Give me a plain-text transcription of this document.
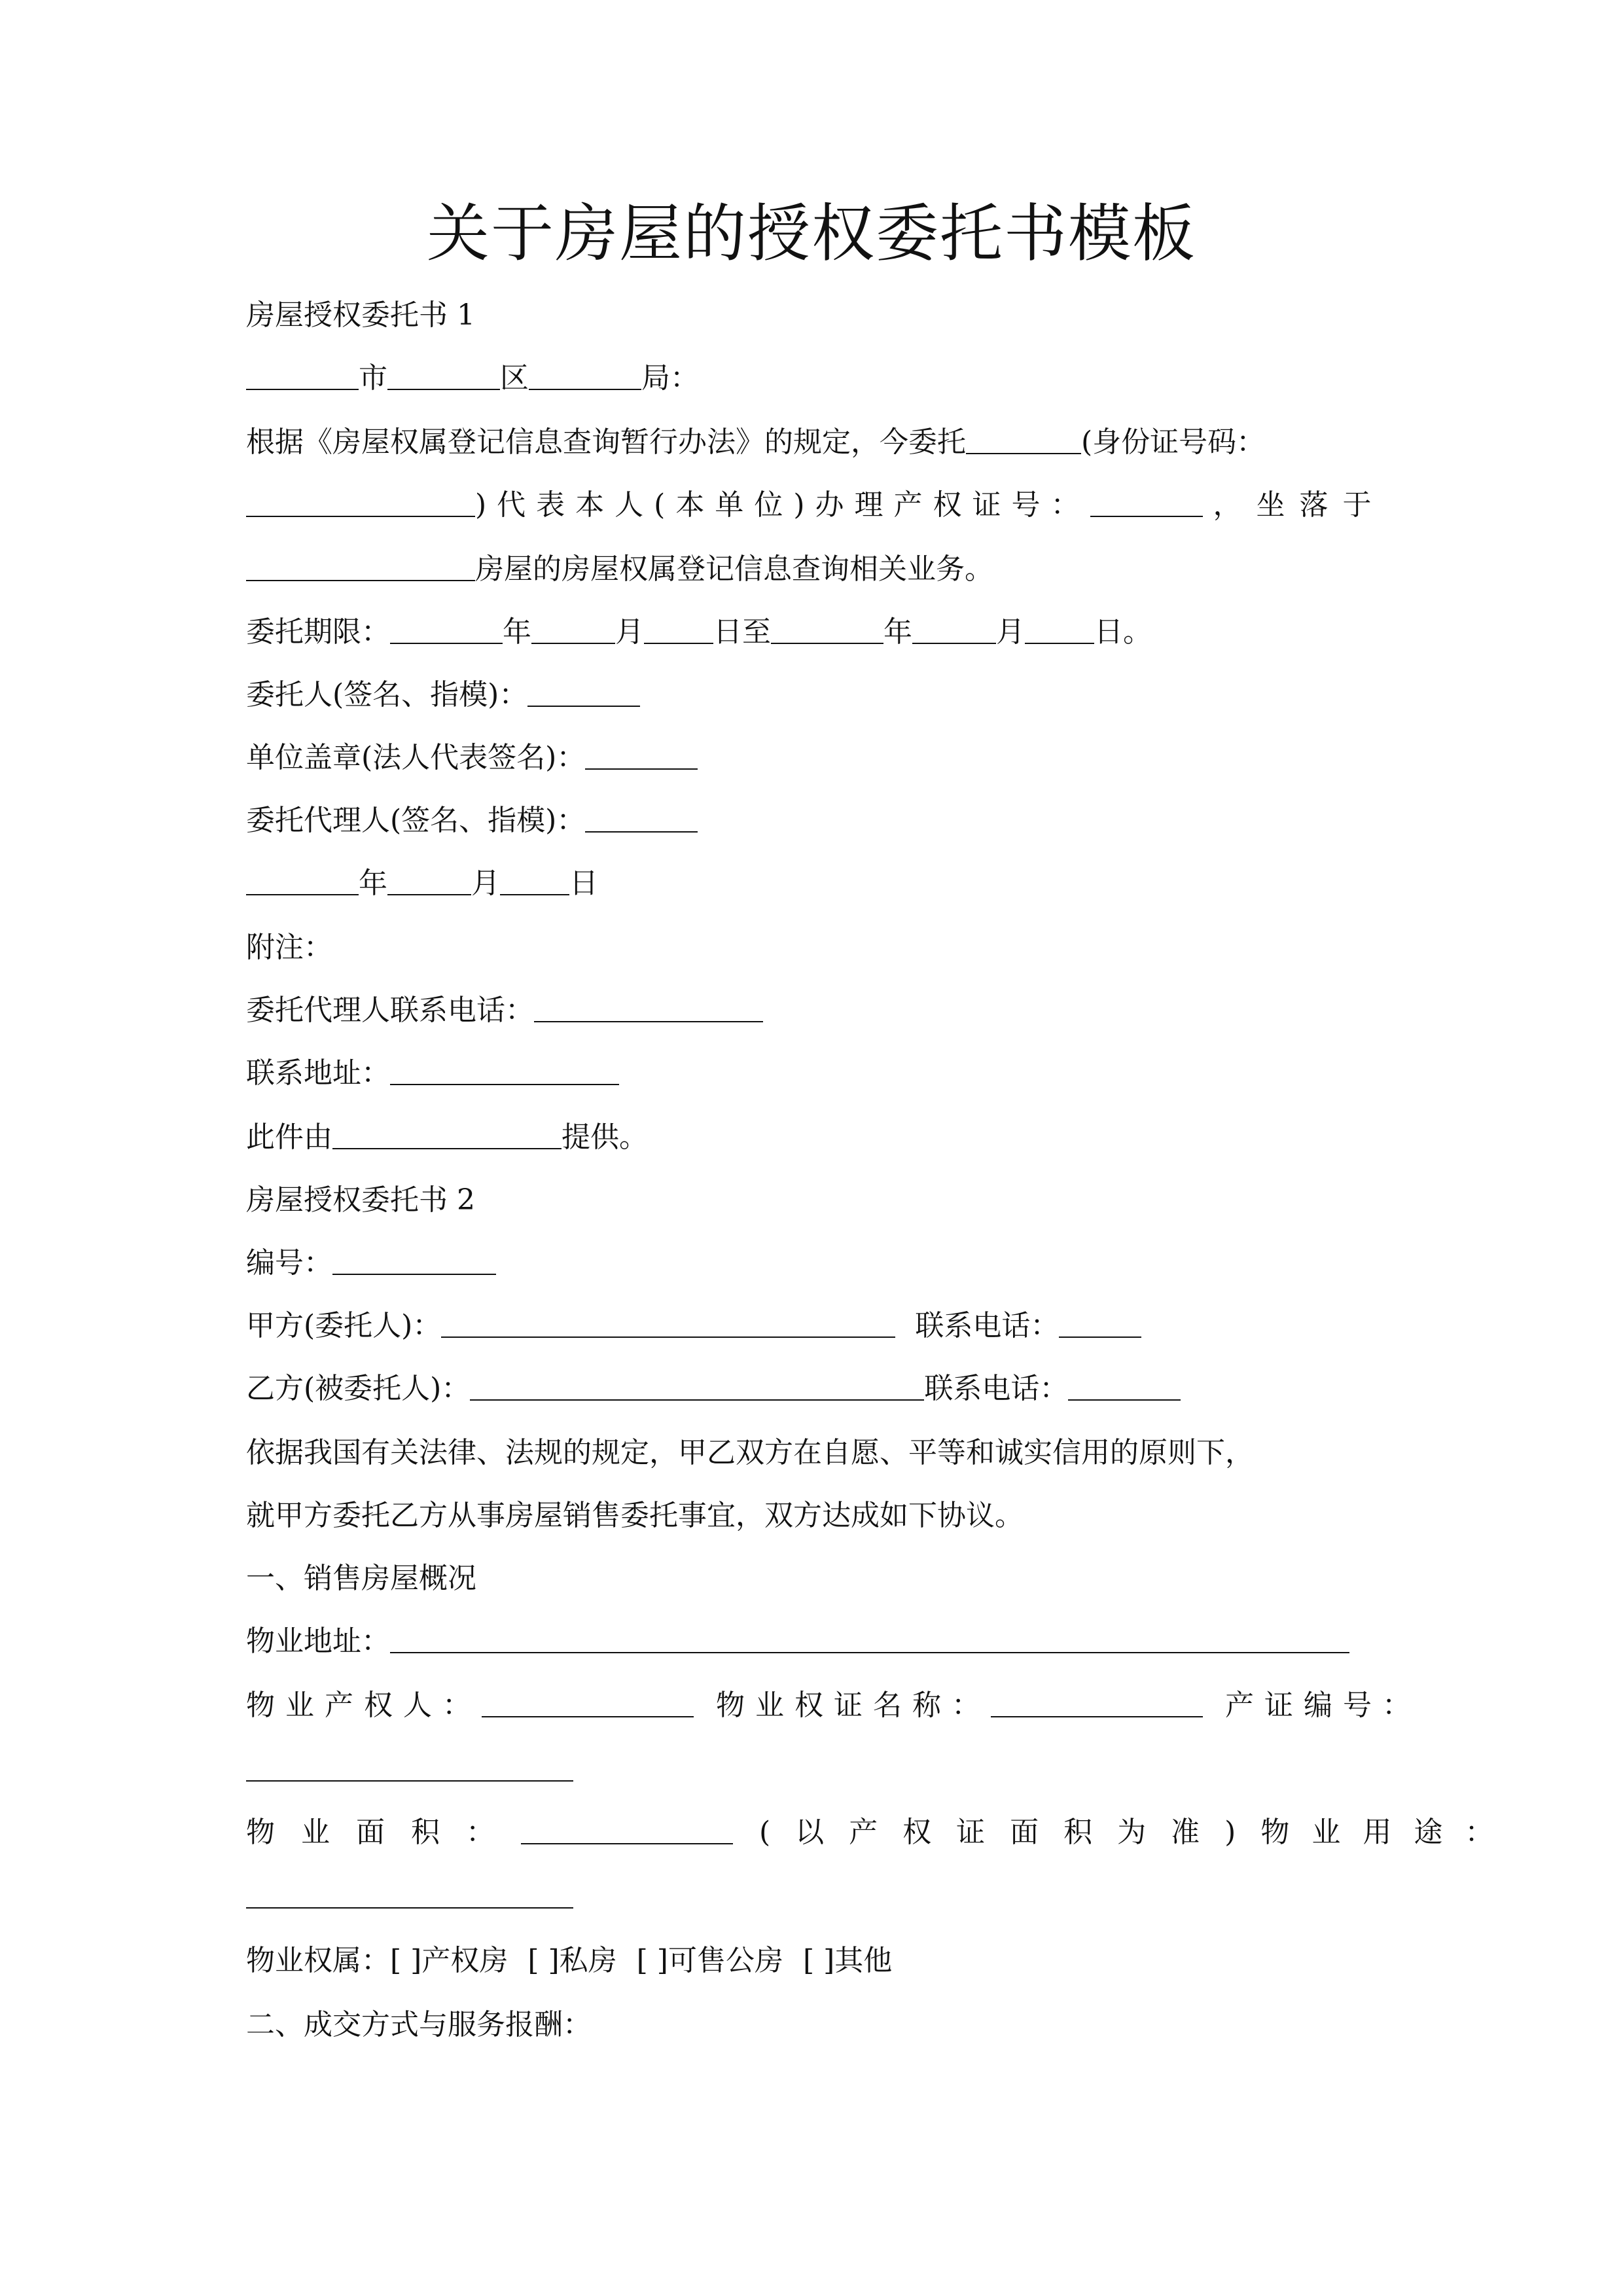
关于房屋的授权委托书模板
房屋授权委托书 1
市	区	局：
根据《房屋权属登记信息查询暂行办法》的规定，今委托	(身份证号码：
)代表本人(本单位)办理产权证号：	，坐落于
房屋的房屋权属登记信息查询相关业务。
委托期限：	年	月 日至	年	月 日。
委托人(签名、指模)：
单位盖章(法人代表签名)：
委托代理人(签名、指模)：
年	月 日
附注：
委托代理人联系电话：
联系地址：
此件由	提供。
房屋授权委托书 2
编号：
甲方(委托人)：	联系电话：
乙方(被委托人)：	联系电话：
依据我国有关法律、法规的规定，甲乙双方在自愿、平等和诚实信用的原则下，
就甲方委托乙方从事房屋销售委托事宜，双方达成如下协议。
一、销售房屋概况
物业地址：
物业产权人：	物业权证名称：	产证编号：
物业面积：	(以产权证面积为准) 物业用途：
物业权属： [ ]产权房 [ ]私房 [ ]可售公房 [ ]其他
二、成交方式与服务报酬：
